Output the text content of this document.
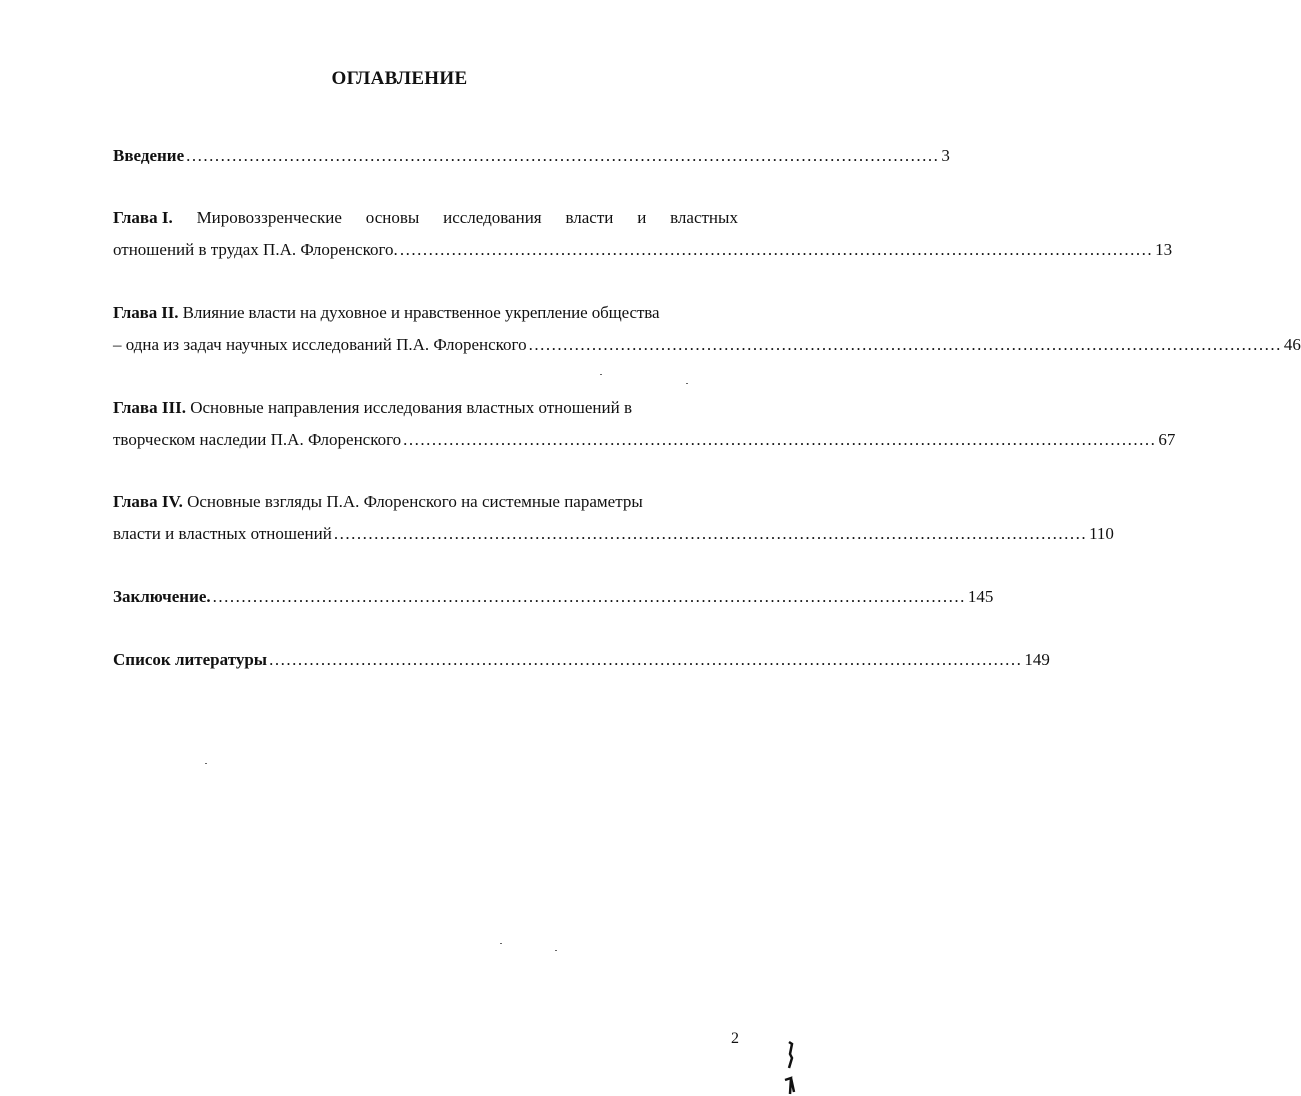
ОГЛАВЛЕНИЕ
Введение ................................................................................................................................... 3
Глава I. Мировоззренческие основы исследования власти и властных
отношений в трудах П.А. Флоренского. ................................................................................................................................... 13
Глава II. Влияние власти на духовное и нравственное укрепление общества
– одна из задач научных исследований П.А. Флоренского ................................................................................................................................... 46
Глава III. Основные направления исследования властных отношений в
творческом наследии П.А. Флоренского ................................................................................................................................... 67
Глава IV. Основные взгляды П.А. Флоренского на системные параметры
власти и властных отношений ................................................................................................................................... 110
Заключение. ................................................................................................................................... 145
Список литературы ................................................................................................................................... 149
2
